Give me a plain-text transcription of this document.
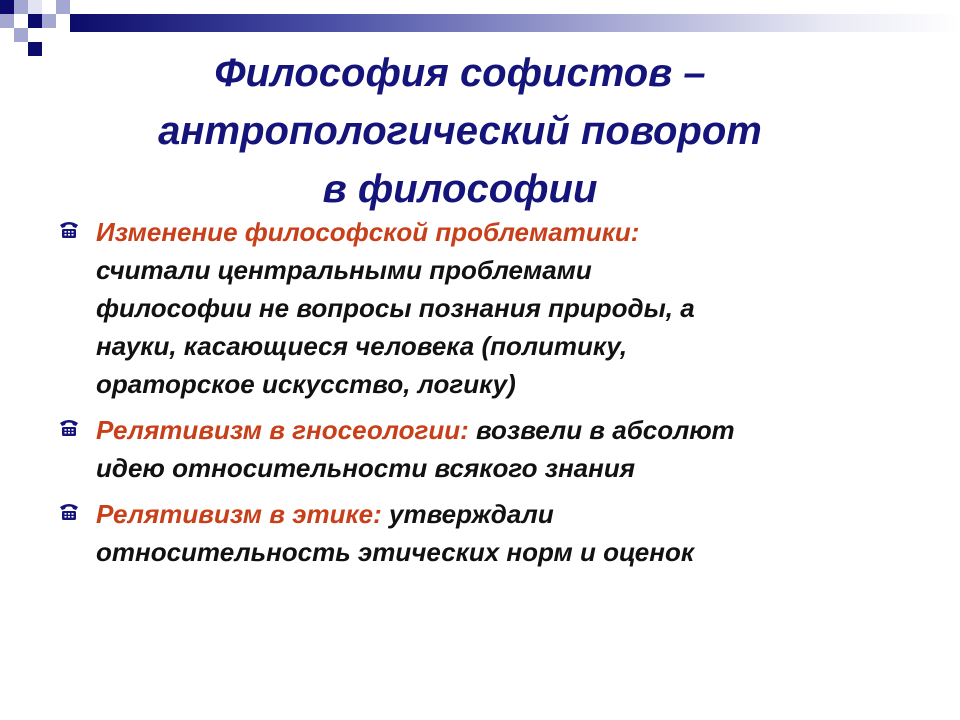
Философия софистов –
антропологический поворот
в философии
Изменение философской проблематики:
считали центральными проблемами
философии не вопросы познания природы, а
науки, касающиеся человека (политику,
ораторское искусство, логику)
Релятивизм в гносеологии: возвели в абсолют
идею относительности всякого знания
Релятивизм в этике: утверждали
относительность этических норм и оценок
